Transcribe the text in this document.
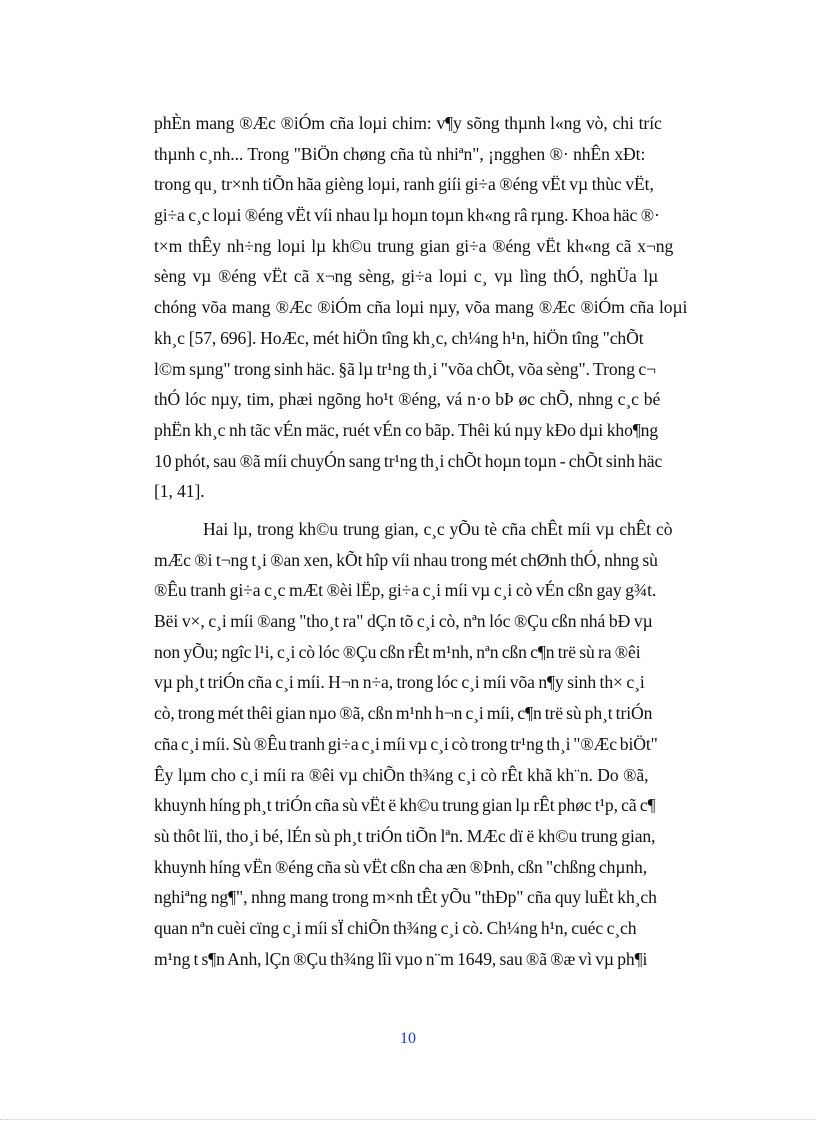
phÈn mang ®Æc ®iÓm cña loµi chim: v¶y sõng thµnh l«ng vò, chi tríc
thµnh c¸nh... Trong "BiÖn chøng cña tù nhiªn", ¡ngghen ®· nhÊn xÐt:
trong qu¸ tr×nh tiÕn hãa gièng loµi, ranh giíi gi÷a ®éng vËt vµ thùc vËt,
gi÷a c¸c loµi ®éng vËt víi nhau lµ hoµn toµn kh«ng râ rµng. Khoa häc ®·
t×m thÊy nh÷ng loµi lµ kh©u trung gian gi÷a ®éng vËt kh«ng cã x¬ng
sèng vµ ®éng vËt cã x¬ng sèng, gi÷a loµi c¸ vµ lìng thÓ, nghÜa lµ
chóng võa mang ®Æc ®iÓm cña loµi nµy, võa mang ®Æc ®iÓm cña loµi
kh¸c [57, 696]. HoÆc, mét hiÖn tîng kh¸c, ch¼ng h¹n, hiÖn tîng "chÕt
l©m sµng" trong sinh häc. §ã lµ tr¹ng th¸i "võa chÕt, võa sèng". Trong c¬
thÓ lóc nµy, tim, phæi ngõng ho¹t ®éng, vá n·o bÞ øc chÕ, nhng c¸c bé
phËn kh¸c nh tãc vÉn mäc, ruét vÉn co bãp. Thêi kú nµy kÐo dµi kho¶ng
10 phót, sau ®ã míi chuyÓn sang tr¹ng th¸i chÕt hoµn toµn - chÕt sinh häc
[1, 41].
Hai lµ, trong kh©u trung gian, c¸c yÕu tè cña chÊt míi vµ chÊt cò
mÆc ®i t¬ng t¸i ®an xen, kÕt hîp víi nhau trong mét chØnh thÓ, nhng sù
®Êu tranh gi÷a c¸c mÆt ®èi lËp, gi÷a c¸i míi vµ c¸i cò vÉn cßn gay g¾t.
Bëi v×, c¸i míi ®ang "tho¸t ra" dÇn tõ c¸i cò, nªn lóc ®Çu cßn nhá bÐ vµ
non yÕu; ngîc l¹i, c¸i cò lóc ®Çu cßn rÊt m¹nh, nªn cßn c¶n trë sù ra ®êi
vµ ph¸t triÓn cña c¸i míi. H¬n n÷a, trong lóc c¸i míi võa n¶y sinh th× c¸i
cò, trong mét thêi gian nµo ®ã, cßn m¹nh h¬n c¸i míi, c¶n trë sù ph¸t triÓn
cña c¸i míi. Sù ®Êu tranh gi÷a c¸i míi vµ c¸i cò trong tr¹ng th¸i "®Æc biÖt"
Êy lµm cho c¸i míi ra ®êi vµ chiÕn th¾ng c¸i cò rÊt khã kh¨n. Do ®ã,
khuynh híng ph¸t triÓn cña sù vËt ë kh©u trung gian lµ rÊt phøc t¹p, cã c¶
sù thôt lïi, tho¸i bé, lÉn sù ph¸t triÓn tiÕn lªn. MÆc dï ë kh©u trung gian,
khuynh híng vËn ®éng cña sù vËt cßn cha æn ®Þnh, cßn "chßng chµnh,
nghiªng ng¶", nhng mang trong m×nh tÊt yÕu "thÐp" cña quy luËt kh¸ch
quan nªn cuèi cïng c¸i míi sÏ chiÕn th¾ng c¸i cò. Ch¼ng h¹n, cuéc c¸ch
m¹ng t s¶n Anh, lÇn ®Çu th¾ng lîi vµo n¨m 1649, sau ®ã ®æ vì vµ ph¶i
10
